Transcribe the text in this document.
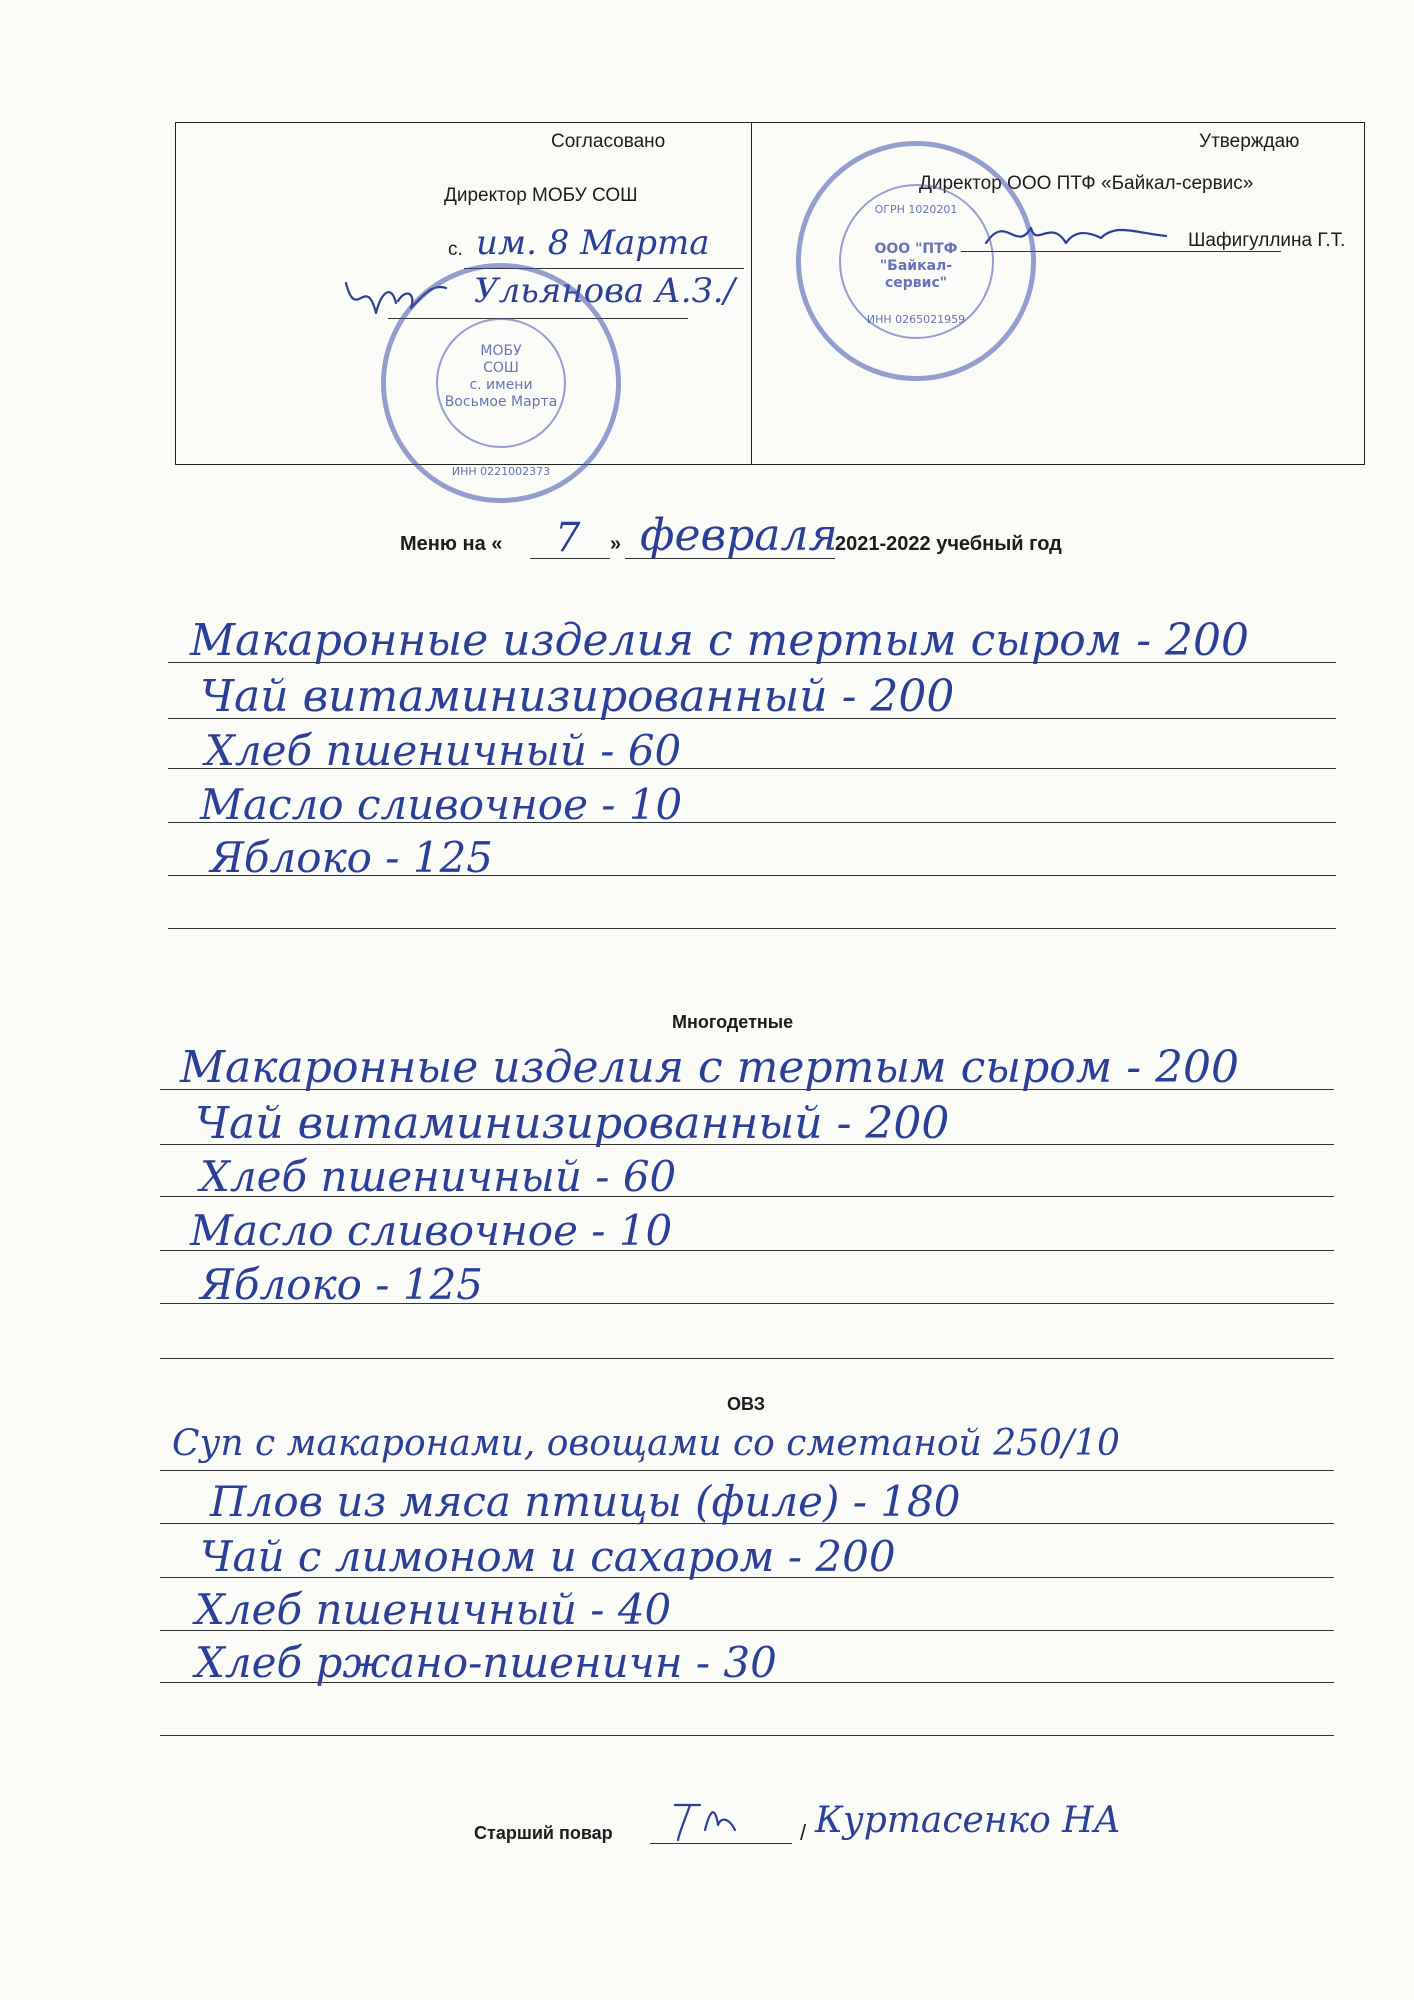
Согласовано
Директор МОБУ СОШ
с. им. 8 Марта
Ульянова А.З./
МОБУ
СОШ
с. имени
Восьмое Марта
ИНН 0221002373
Утверждаю
Директор ООО ПТФ «Байкал-сервис»
Шафигуллина Г.Т.
ООО "ПТФ
"Байкал-сервис"
ОГРН 1020201
ИНН 0265021959
Меню на « 7 » февраля
2021-2022 учебный год
Макаронные изделия с тертым сыром - 200
Чай витаминизированный - 200
Хлеб пшеничный - 60
Масло сливочное - 10
Яблоко - 125
Многодетные
Макаронные изделия с тертым сыром - 200
Чай витаминизированный - 200
Хлеб пшеничный - 60
Масло сливочное - 10
Яблоко - 125
ОВЗ
Суп с макаронами, овощами со сметаной 250/10
Плов из мяса птицы (филе) - 180
Чай с лимоном и сахаром - 200
Хлеб пшеничный - 40
Хлеб ржано-пшеничн - 30
Старший повар	/ Куртасенко НА
